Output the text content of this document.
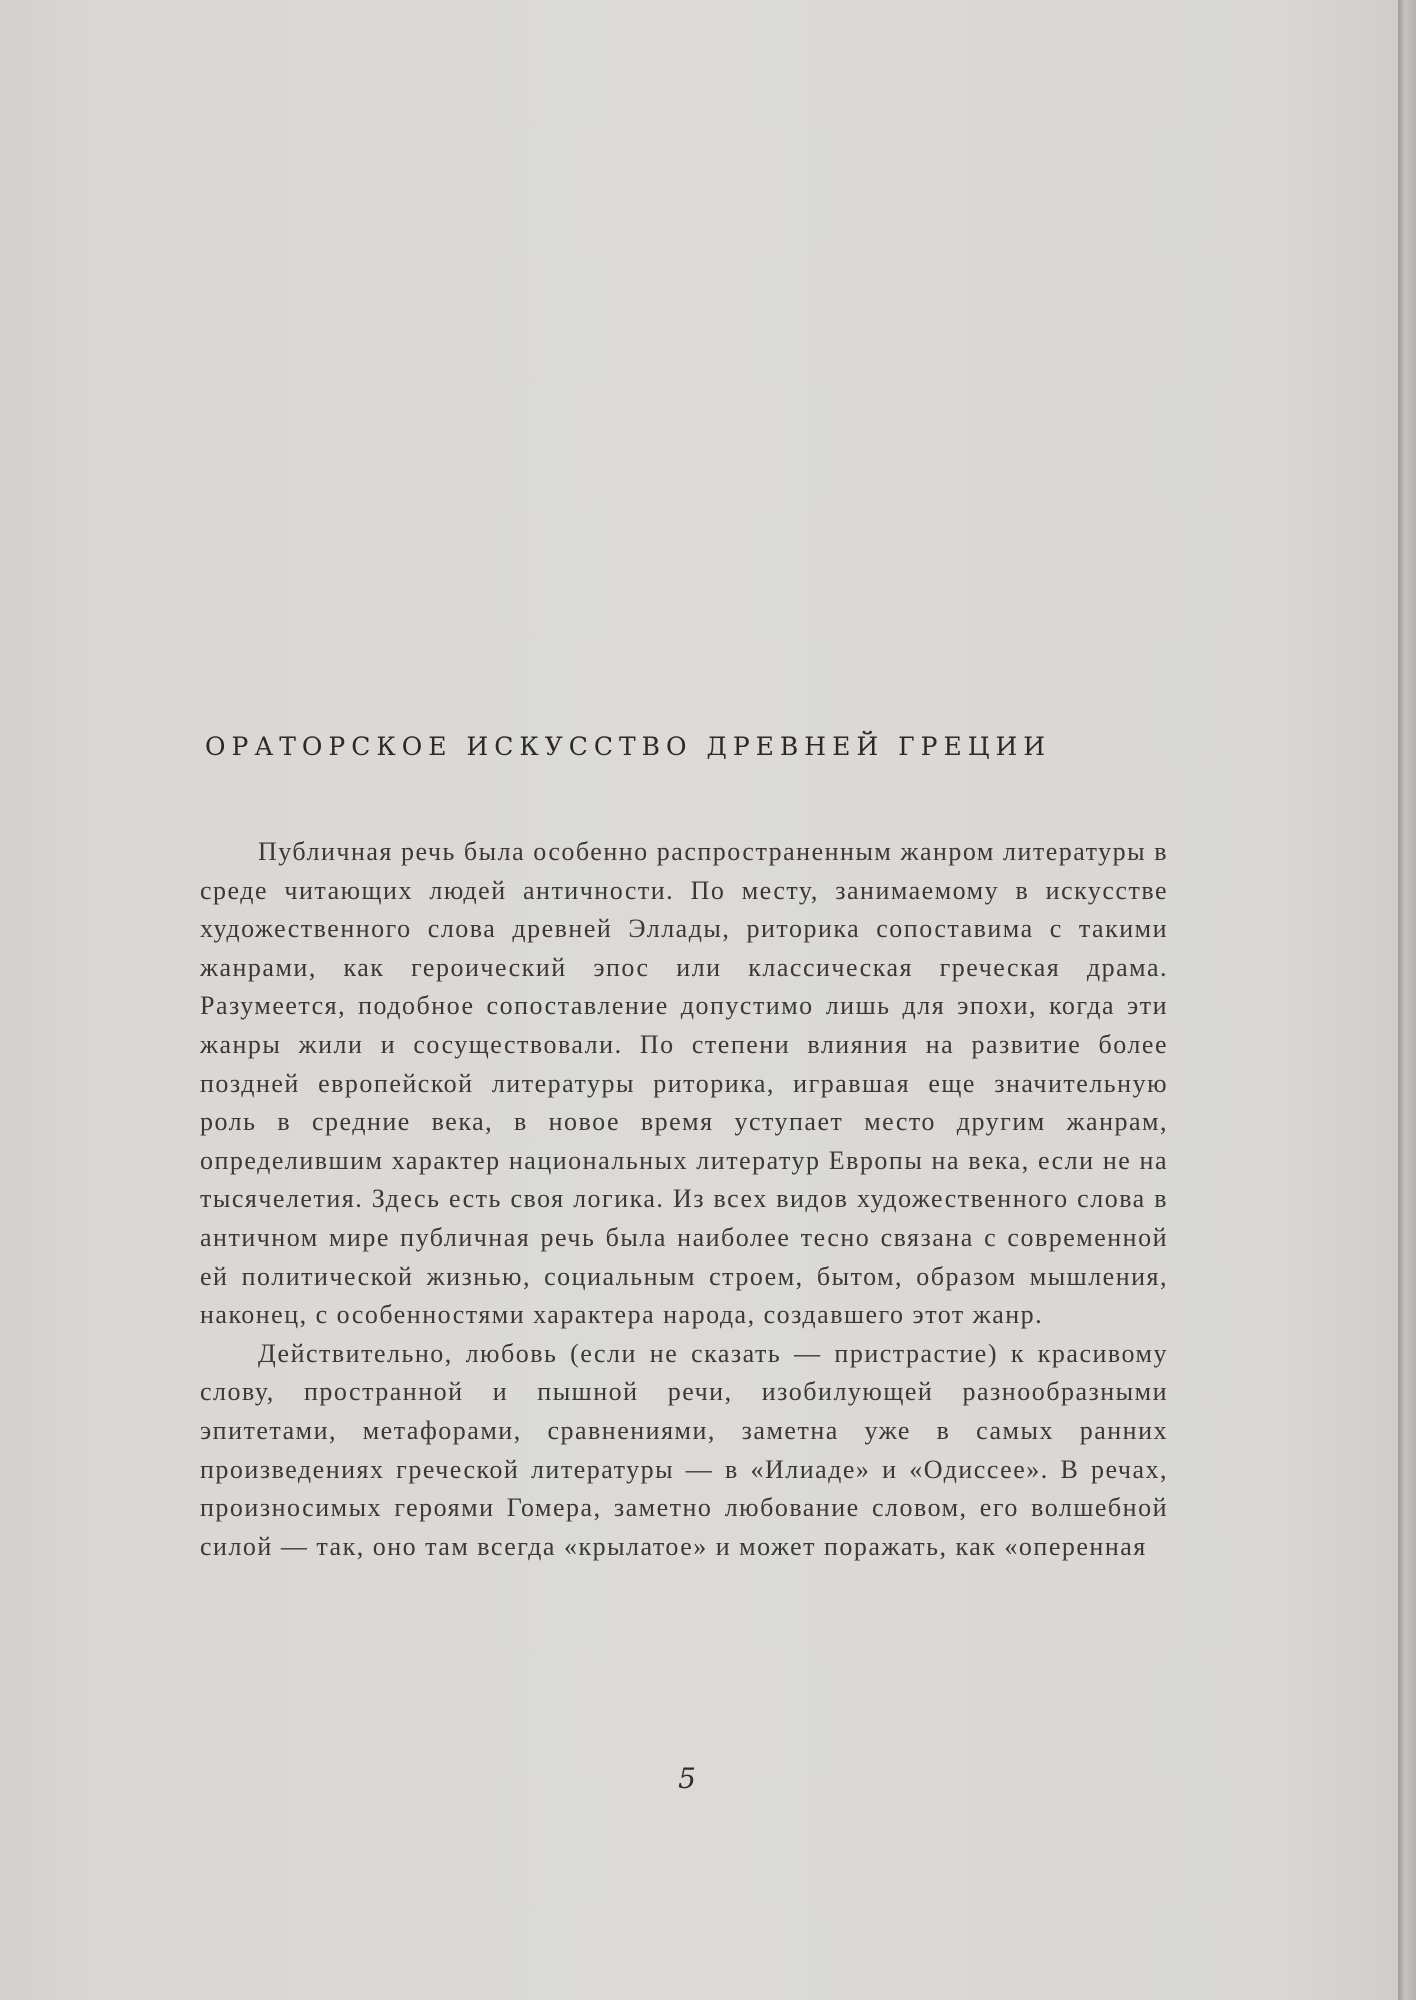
ОРАТОРСКОЕ ИСКУССТВО ДРЕВНЕЙ ГРЕЦИИ

Публичная речь была особенно распространенным жанром литературы в среде читающих людей античности. По месту, занимаемому в искусстве художественного слова древней Эллады, риторика сопоставима с такими жанрами, как героический эпос или классическая греческая драма. Разумеется, подобное сопоставление допустимо лишь для эпохи, когда эти жанры жили и сосуществовали. По степени влияния на развитие более поздней европейской литературы риторика, игравшая еще значительную роль в средние века, в новое время уступает место другим жанрам, определившим характер национальных литератур Европы на века, если не на тысячелетия. Здесь есть своя логика. Из всех видов художественного слова в античном мире публичная речь была наиболее тесно связана с современной ей политической жизнью, социальным строем, бытом, образом мышления, наконец, с особенностями характера народа, создавшего этот жанр.

Действительно, любовь (если не сказать — пристрастие) к красивому слову, пространной и пышной речи, изобилующей разнообразными эпитетами, метафорами, сравнениями, заметна уже в самых ранних произведениях греческой литературы — в «Илиаде» и «Одиссее». В речах, произносимых героями Гомера, заметно любование словом, его волшебной силой — так, оно там всегда «крылатое» и может поражать, как «оперенная

5
